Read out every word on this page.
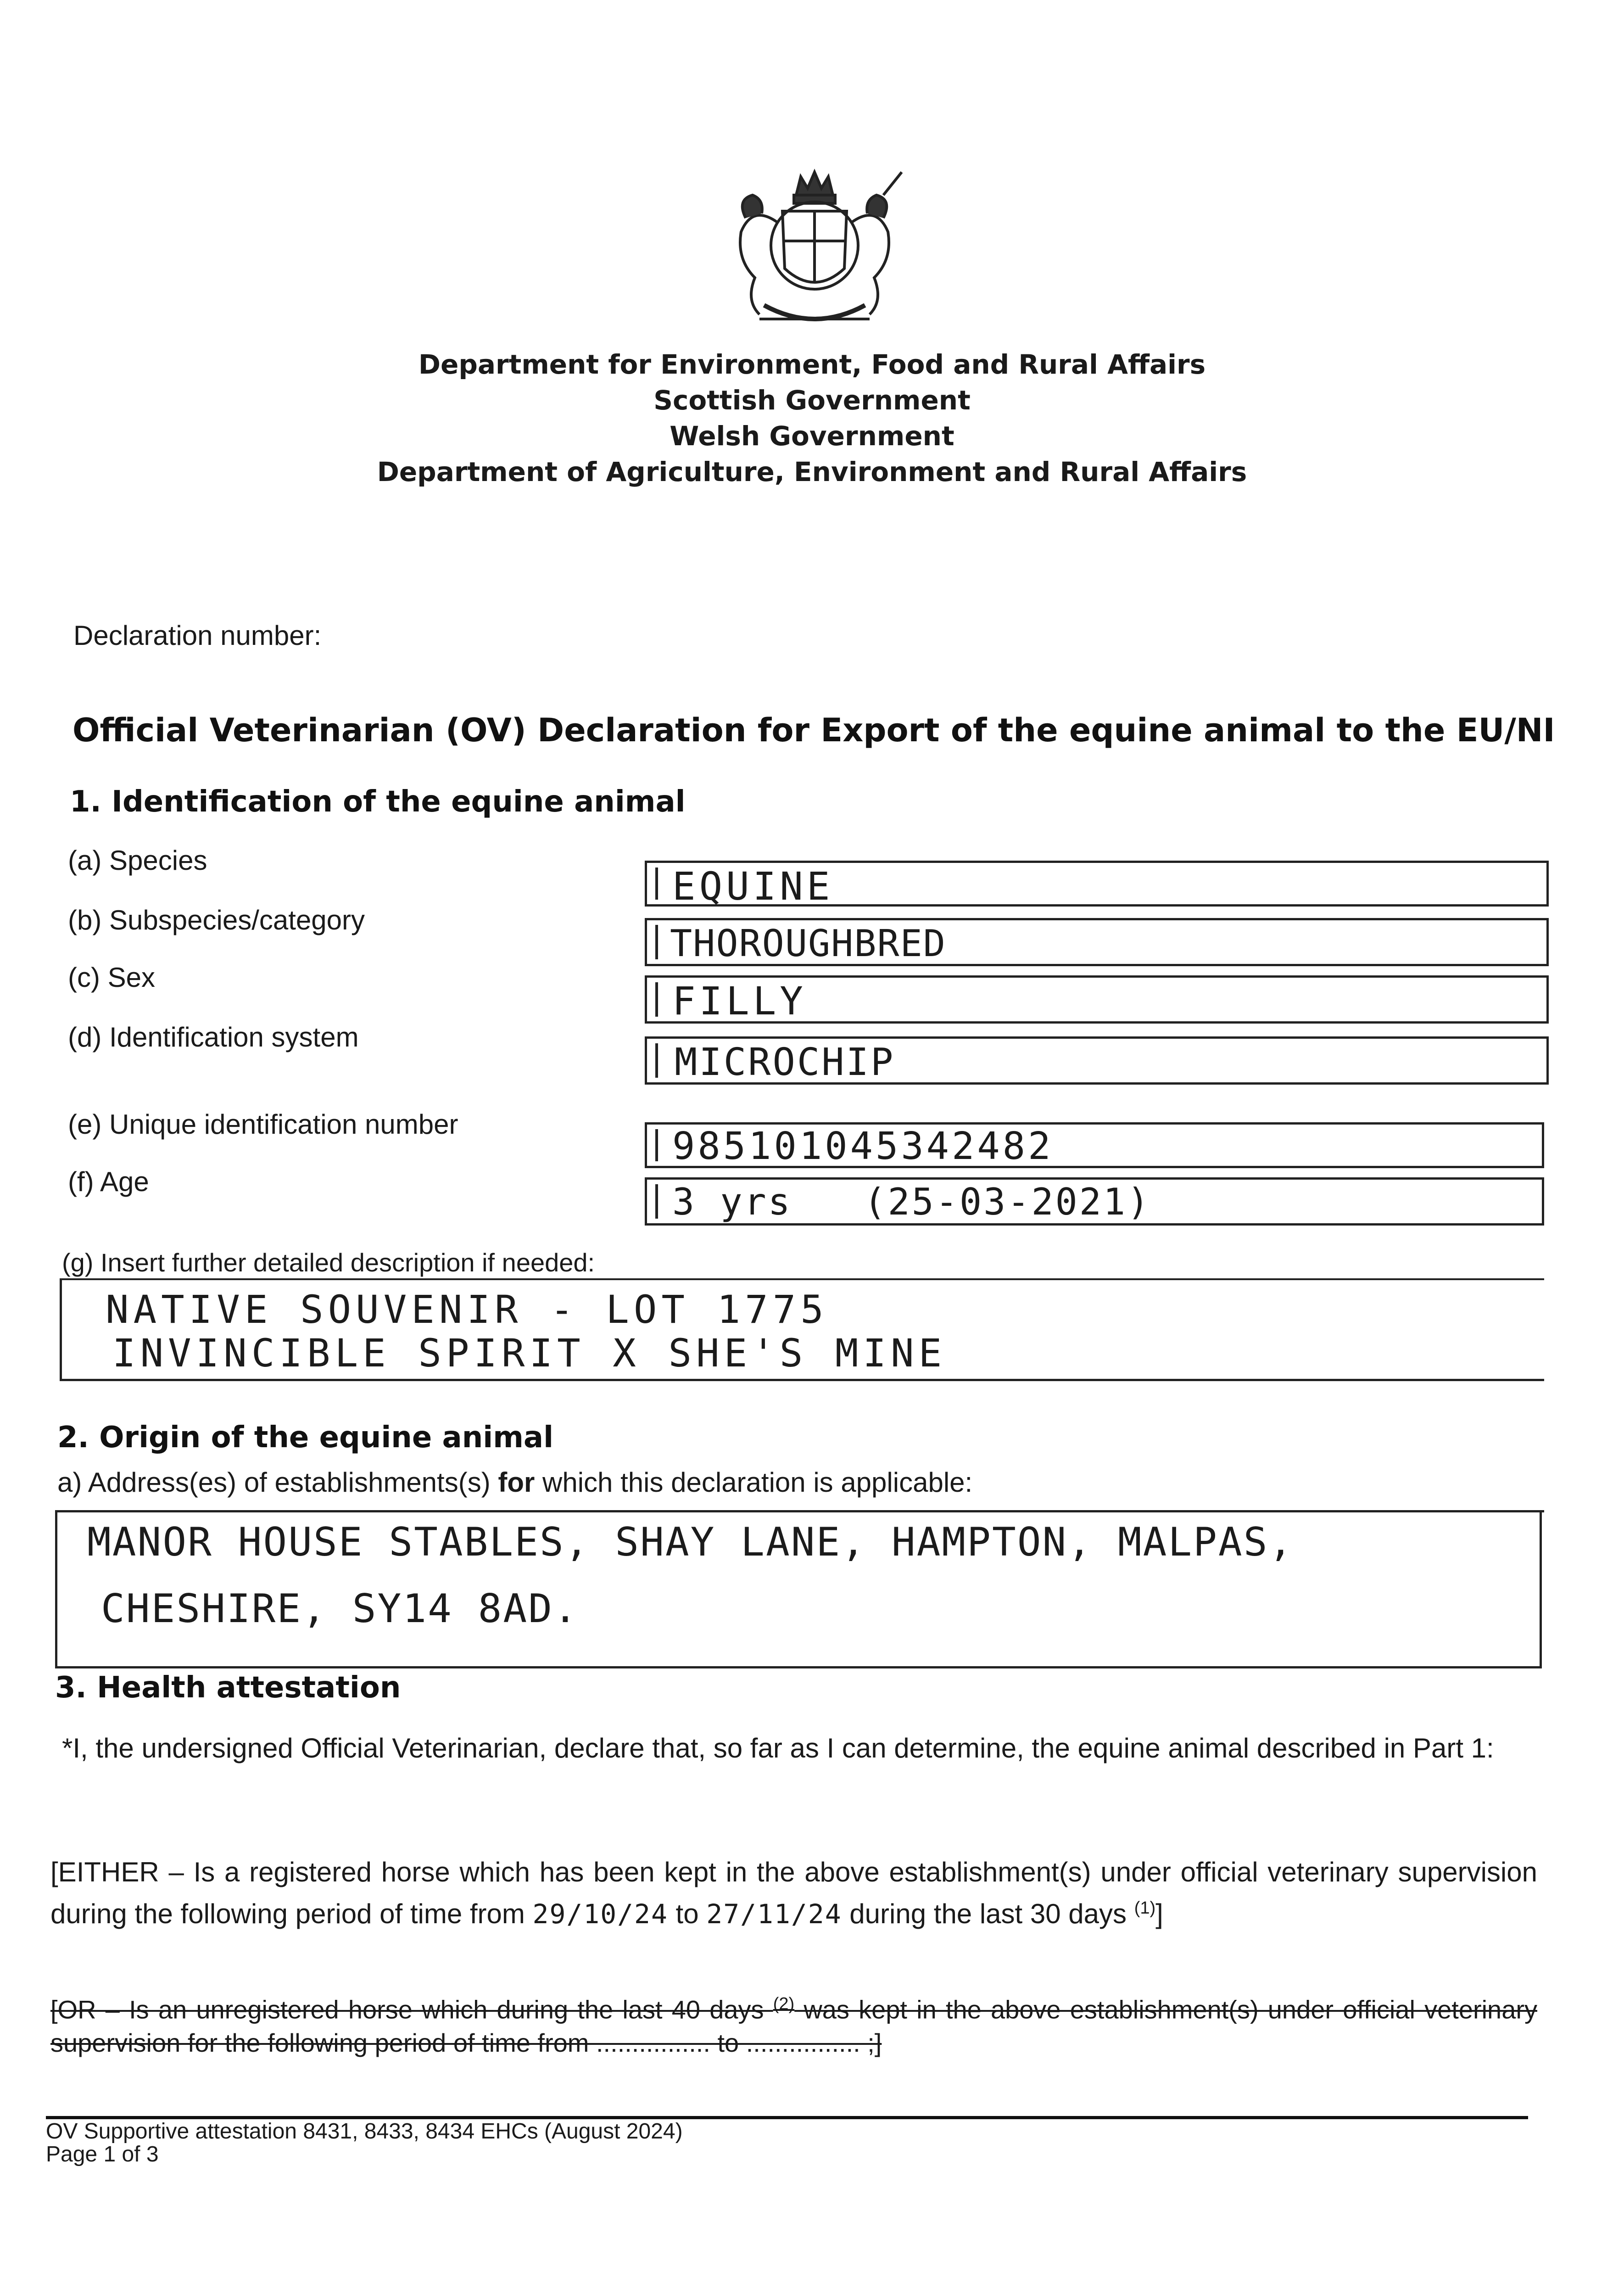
Department for Environment, Food and Rural Affairs
Scottish Government
Welsh Government
Department of Agriculture, Environment and Rural Affairs
Declaration number:
Official Veterinarian (OV) Declaration for Export of the equine animal to the EU/NI
1. Identification of the equine animal
(a) Species
EQUINE
(b) Subspecies/category
THOROUGHBRED
(c) Sex
FILLY
(d) Identification system
MICROCHIP
(e) Unique identification number
985101045342482
(f) Age	3 yrs   (25-03-2021)
(g) Insert further detailed description if needed:
NATIVE SOUVENIR - LOT 1775
INVINCIBLE SPIRIT X SHE'S MINE
2. Origin of the equine animal
a) Address(es) of establishments(s) for which this declaration is applicable:
MANOR HOUSE STABLES, SHAY LANE, HAMPTON, MALPAS,
CHESHIRE, SY14 8AD.
3. Health attestation
*I, the undersigned Official Veterinarian, declare that, so far as I can determine, the equine animal described in Part 1:
[EITHER – Is a registered horse which has been kept in the above establishment(s) under official veterinary supervision during the following period of time from 29/10/24 to 27/11/24 during the last 30 days $^{(1)}$]
[OR – Is an unregistered horse which during the last 40 days $^{(2)}$ was kept in the above establishment(s) under official veterinary supervision for the following period of time from ................ to ................ ;]
OV Supportive attestation 8431, 8433, 8434 EHCs (August 2024)
Page 1 of 3
